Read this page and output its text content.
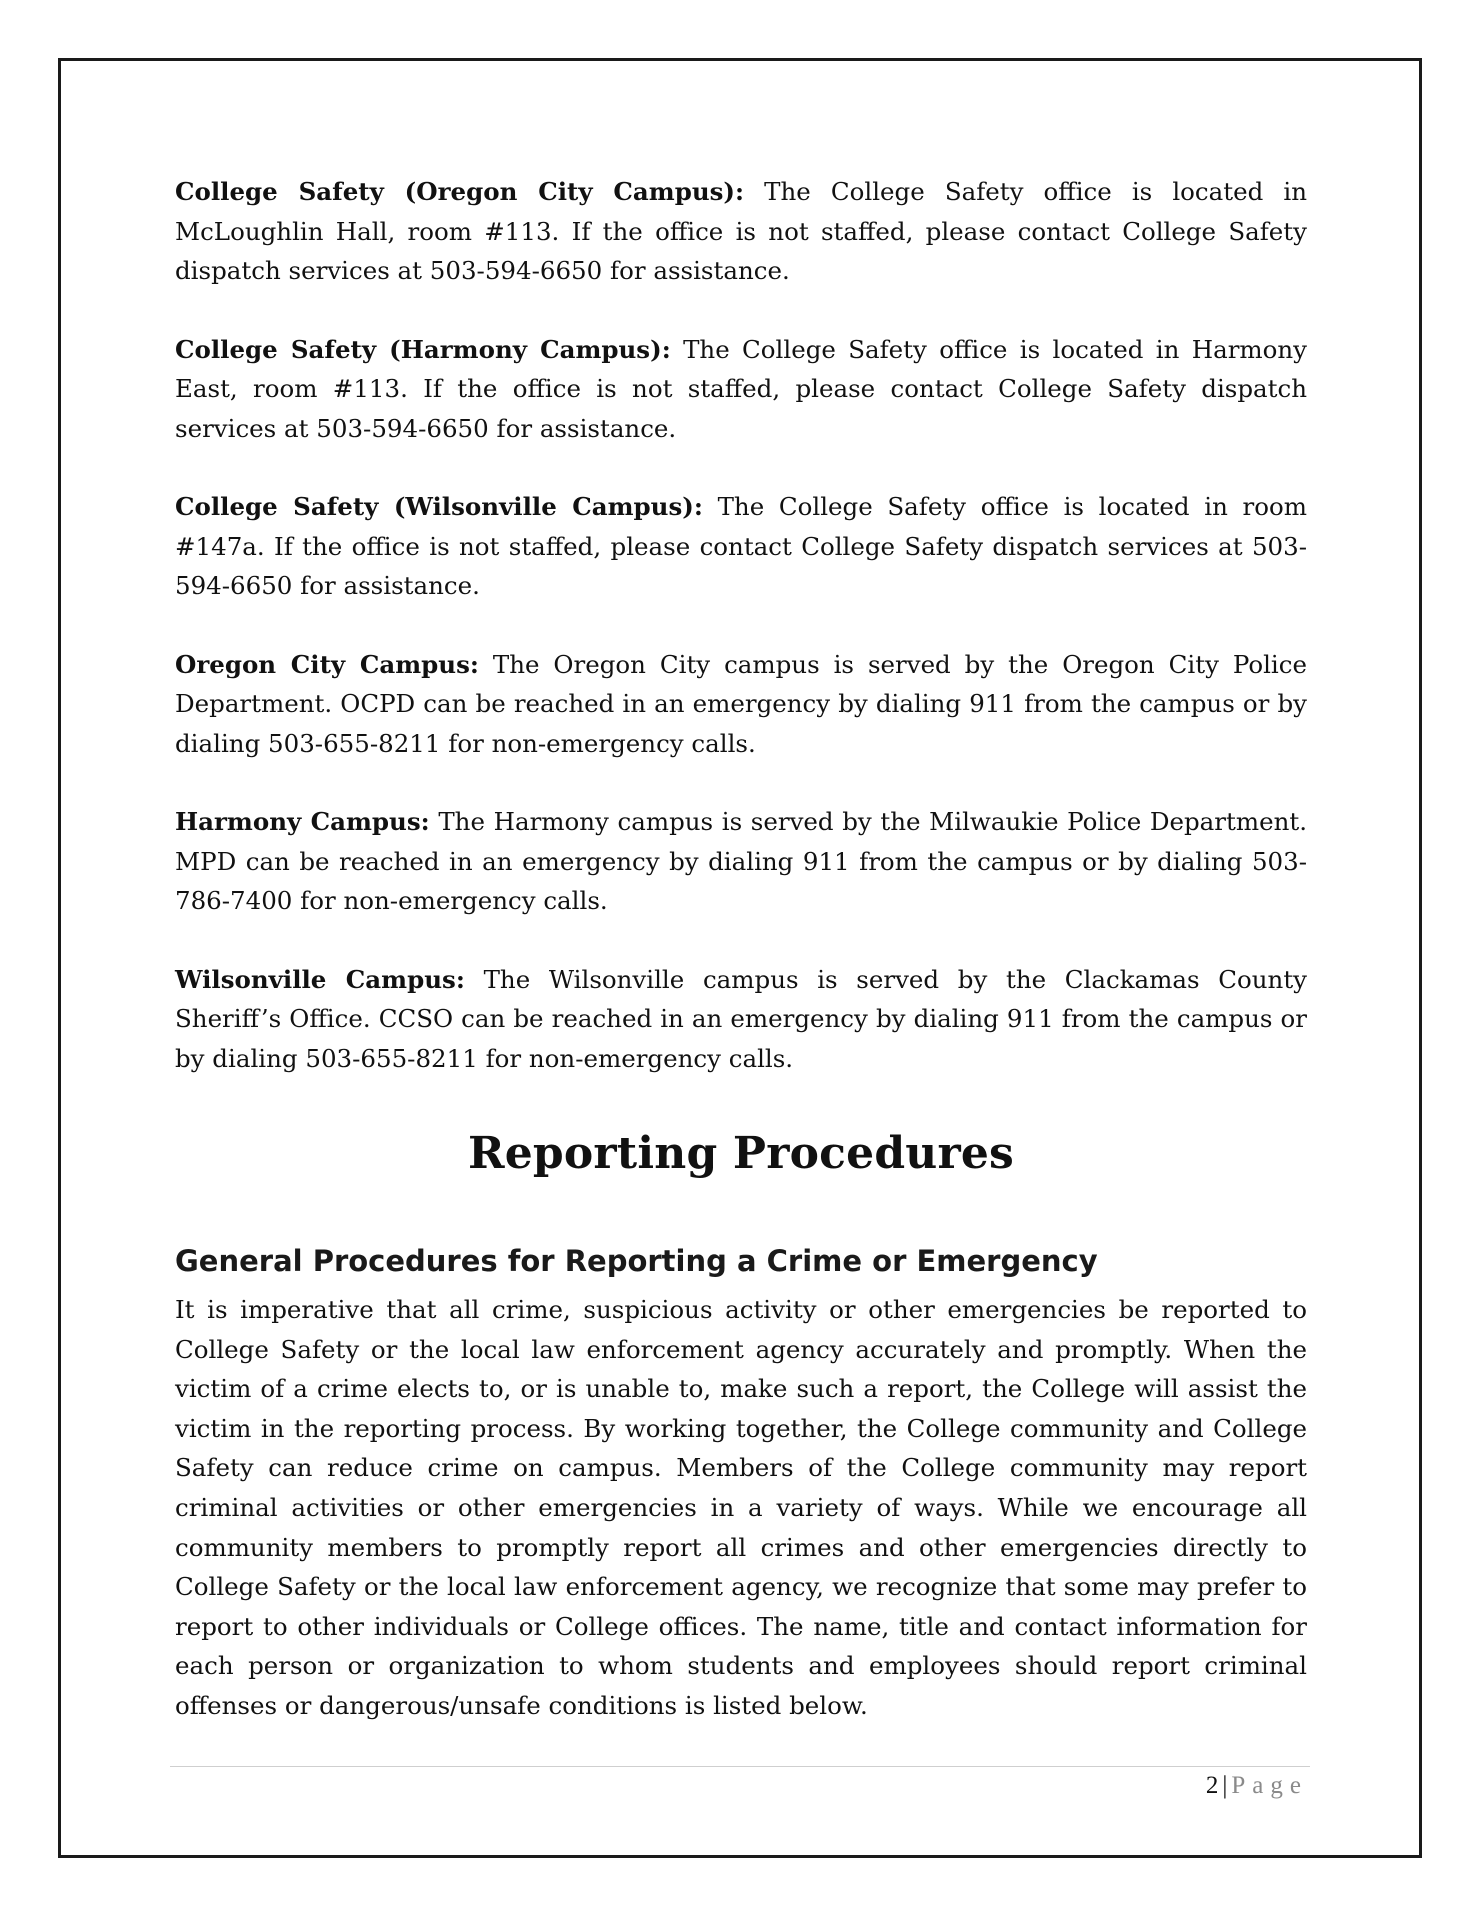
College Safety (Oregon City Campus): The College Safety office is located in McLoughlin Hall, room #113. If the office is not staffed, please contact College Safety dispatch services at 503-594-6650 for assistance.

College Safety (Harmony Campus): The College Safety office is located in Harmony East, room #113. If the office is not staffed, please contact College Safety dispatch services at 503-594-6650 for assistance.

College Safety (Wilsonville Campus): The College Safety office is located in room #147a. If the office is not staffed, please contact College Safety dispatch services at 503-594-6650 for assistance.

Oregon City Campus: The Oregon City campus is served by the Oregon City Police Department. OCPD can be reached in an emergency by dialing 911 from the campus or by dialing 503-655-8211 for non-emergency calls.

Harmony Campus: The Harmony campus is served by the Milwaukie Police Department. MPD can be reached in an emergency by dialing 911 from the campus or by dialing 503-786-7400 for non-emergency calls.

Wilsonville Campus: The Wilsonville campus is served by the Clackamas County Sheriff’s Office. CCSO can be reached in an emergency by dialing 911 from the campus or by dialing 503-655-8211 for non-emergency calls.

Reporting Procedures
General Procedures for Reporting a Crime or Emergency

It is imperative that all crime, suspicious activity or other emergencies be reported to College Safety or the local law enforcement agency accurately and promptly. When the victim of a crime elects to, or is unable to, make such a report, the College will assist the victim in the reporting process. By working together, the College community and College Safety can reduce crime on campus. Members of the College community may report criminal activities or other emergencies in a variety of ways. While we encourage all community members to promptly report all crimes and other emergencies directly to College Safety or the local law enforcement agency, we recognize that some may prefer to report to other individuals or College offices. The name, title and contact information for each person or organization to whom students and employees should report criminal offenses or dangerous/unsafe conditions is listed below.

2 | Page
